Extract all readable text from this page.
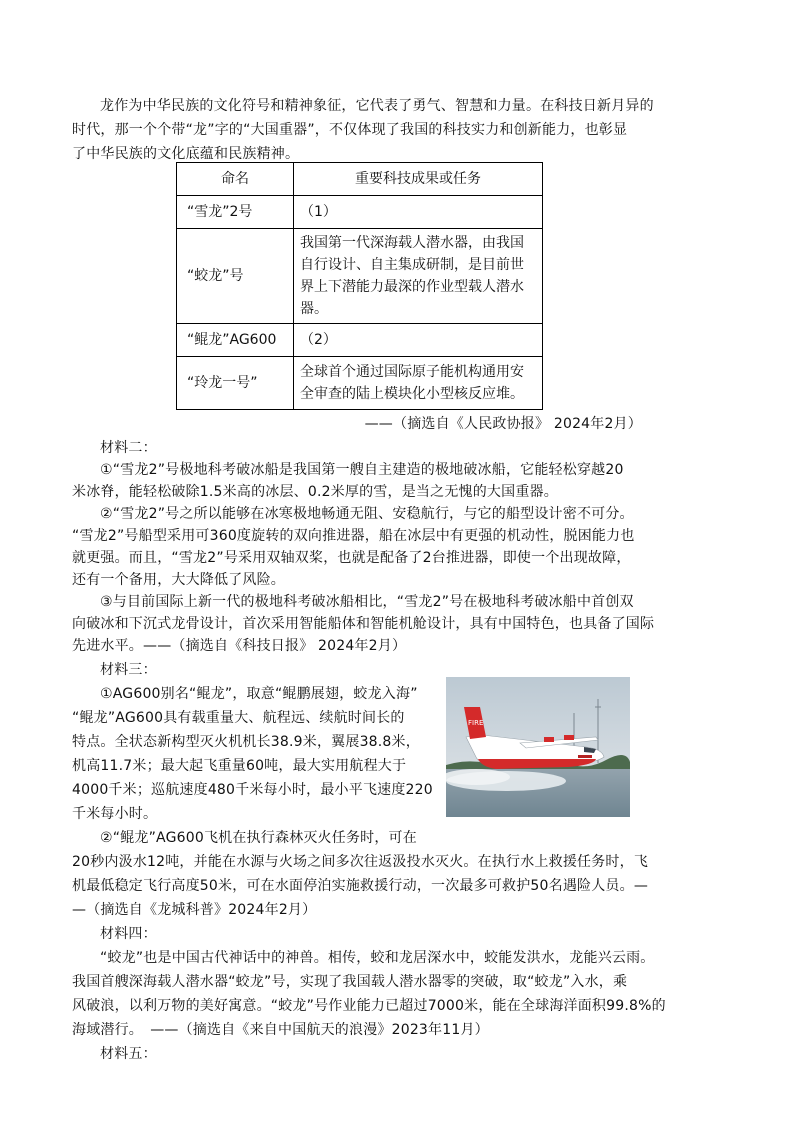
龙作为中华民族的文化符号和精神象征，它代表了勇气、智慧和力量。在科技日新月异的
时代，那一个个带“龙”字的“大国重器”，不仅体现了我国的科技实力和创新能力，也彰显
了中华民族的文化底蕴和民族精神。
命名	重要科技成果或任务
“雪龙”2号	（1）
“蛟龙”号	我国第一代深海载人潜水器，由我国
自行设计、自主集成研制，是目前世
界上下潜能力最深的作业型载人潜水
器。

“鲲龙”AG600	（2）
“玲龙一号”	全球首个通过国际原子能机构通用安
全审查的陆上模块化小型核反应堆。
——（摘选自《人民政协报》 2024年2月）
材料二：
①“雪龙2”号极地科考破冰船是我国第一艘自主建造的极地破冰船，它能轻松穿越20
米冰脊，能轻松破除1.5米高的冰层、0.2米厚的雪，是当之无愧的大国重器。
②“雪龙2”号之所以能够在冰寒极地畅通无阻、安稳航行，与它的船型设计密不可分。
“雪龙2”号船型采用可360度旋转的双向推进器，船在冰层中有更强的机动性，脱困能力也
就更强。而且，“雪龙2”号采用双轴双桨，也就是配备了2台推进器，即使一个出现故障，
还有一个备用，大大降低了风险。
③与目前国际上新一代的极地科考破冰船相比，“雪龙2”号在极地科考破冰船中首创双
向破冰和下沉式龙骨设计，首次采用智能船体和智能机舱设计，具有中国特色，也具备了国际
先进水平。——（摘选自《科技日报》 2024年2月）
材料三：
①AG600别名“鲲龙”，取意“鲲鹏展翅，蛟龙入海”
“鲲龙”AG600具有载重量大、航程远、续航时间长的
特点。全状态新构型灭火机机长38.9米，翼展38.8米，
机高11.7米；最大起飞重量60吨，最大实用航程大于
4000千米；巡航速度480千米每小时，最小平飞速度220
千米每小时。
②“鲲龙”AG600飞机在执行森林灭火任务时，可在
20秒内汲水12吨，并能在水源与火场之间多次往返汲投水灭火。在执行水上救援任务时，飞
机最低稳定飞行高度50米，可在水面停泊实施救援行动，一次最多可救护50名遇险人员。—
—（摘选自《龙城科普》2024年2月）
FIRE
材料四：
“蛟龙”也是中国古代神话中的神兽。相传，蛟和龙居深水中，蛟能发洪水，龙能兴云雨。
我国首艘深海载人潜水器“蛟龙”号，实现了我国载人潜水器零的突破，取“蛟龙”入水，乘
风破浪，以利万物的美好寓意。“蛟龙”号作业能力已超过7000米，能在全球海洋面积99.8%的
海域潜行。　——（摘选自《来自中国航天的浪漫》2023年11月）
材料五：
